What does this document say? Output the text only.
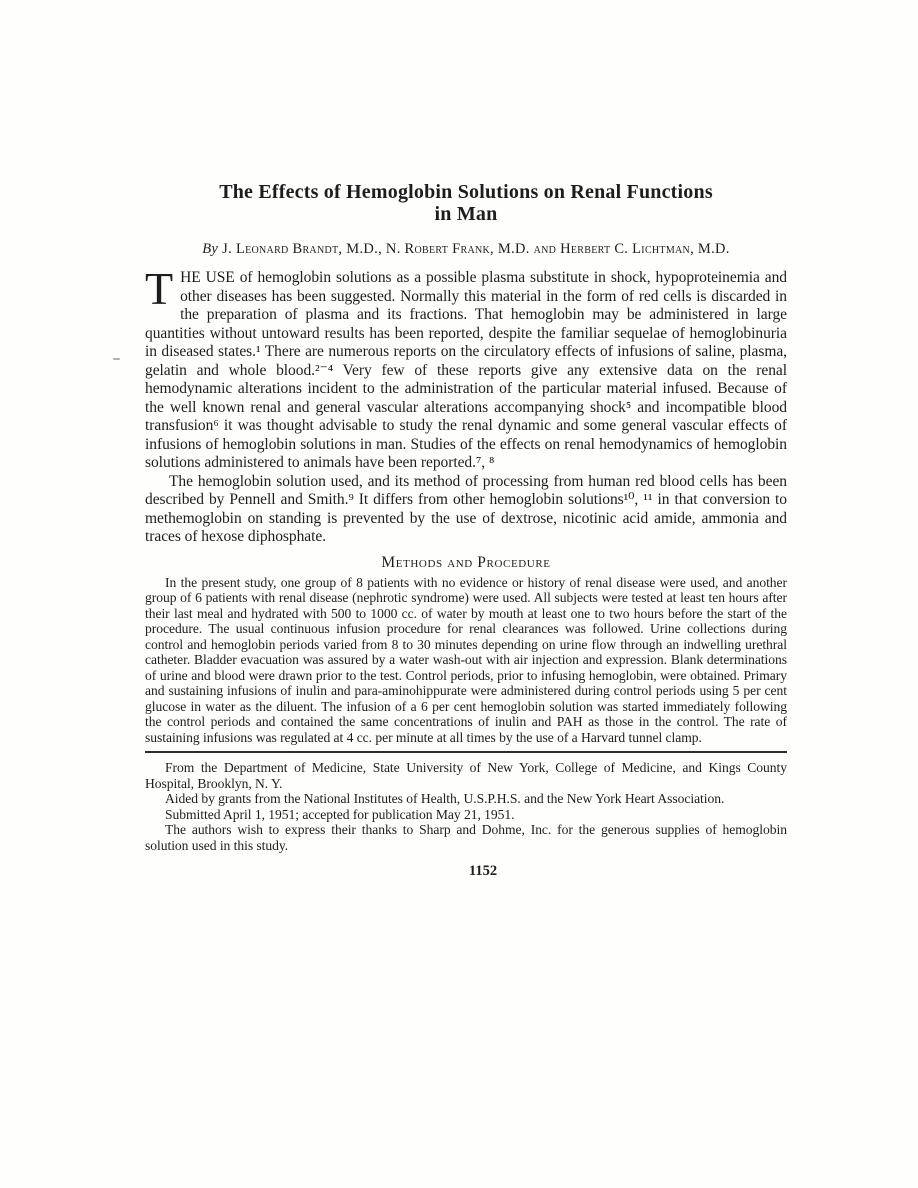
The Effects of Hemoglobin Solutions on Renal Functions
in Man

By J. Leonard Brandt, M.D., N. Robert Frank, M.D. and Herbert C. Lichtman, M.D.

THE USE of hemoglobin solutions as a possible plasma substitute in shock, hypoproteinemia and other diseases has been suggested. Normally this material in the form of red cells is discarded in the preparation of plasma and its fractions. That hemoglobin may be administered in large quantities without untoward results has been reported, despite the familiar sequelae of hemoglobinuria in diseased states.¹ There are numerous reports on the circulatory effects of infusions of saline, plasma, gelatin and whole blood.²⁻⁴ Very few of these reports give any extensive data on the renal hemodynamic alterations incident to the administration of the particular material infused. Because of the well known renal and general vascular alterations accompanying shock⁵ and incompatible blood transfusion⁶ it was thought advisable to study the renal dynamic and some general vascular effects of infusions of hemoglobin solutions in man. Studies of the effects on renal hemodynamics of hemoglobin solutions administered to animals have been reported.⁷, ⁸

The hemoglobin solution used, and its method of processing from human red blood cells has been described by Pennell and Smith.⁹ It differs from other hemoglobin solutions¹⁰, ¹¹ in that conversion to methemoglobin on standing is prevented by the use of dextrose, nicotinic acid amide, ammonia and traces of hexose diphosphate.

Methods and Procedure

In the present study, one group of 8 patients with no evidence or history of renal disease were used, and another group of 6 patients with renal disease (nephrotic syndrome) were used. All subjects were tested at least ten hours after their last meal and hydrated with 500 to 1000 cc. of water by mouth at least one to two hours before the start of the procedure. The usual continuous infusion procedure for renal clearances was followed. Urine collections during control and hemoglobin periods varied from 8 to 30 minutes depending on urine flow through an indwelling urethral catheter. Bladder evacuation was assured by a water wash-out with air injection and expression. Blank determinations of urine and blood were drawn prior to the test. Control periods, prior to infusing hemoglobin, were obtained. Primary and sustaining infusions of inulin and para-aminohippurate were administered during control periods using 5 per cent glucose in water as the diluent. The infusion of a 6 per cent hemoglobin solution was started immediately following the control periods and contained the same concentrations of inulin and PAH as those in the control. The rate of sustaining infusions was regulated at 4 cc. per minute at all times by the use of a Harvard tunnel clamp.

From the Department of Medicine, State University of New York, College of Medicine, and Kings County Hospital, Brooklyn, N. Y.

Aided by grants from the National Institutes of Health, U.S.P.H.S. and the New York Heart Association.

Submitted April 1, 1951; accepted for publication May 21, 1951.

The authors wish to express their thanks to Sharp and Dohme, Inc. for the generous supplies of hemoglobin solution used in this study.

1152
